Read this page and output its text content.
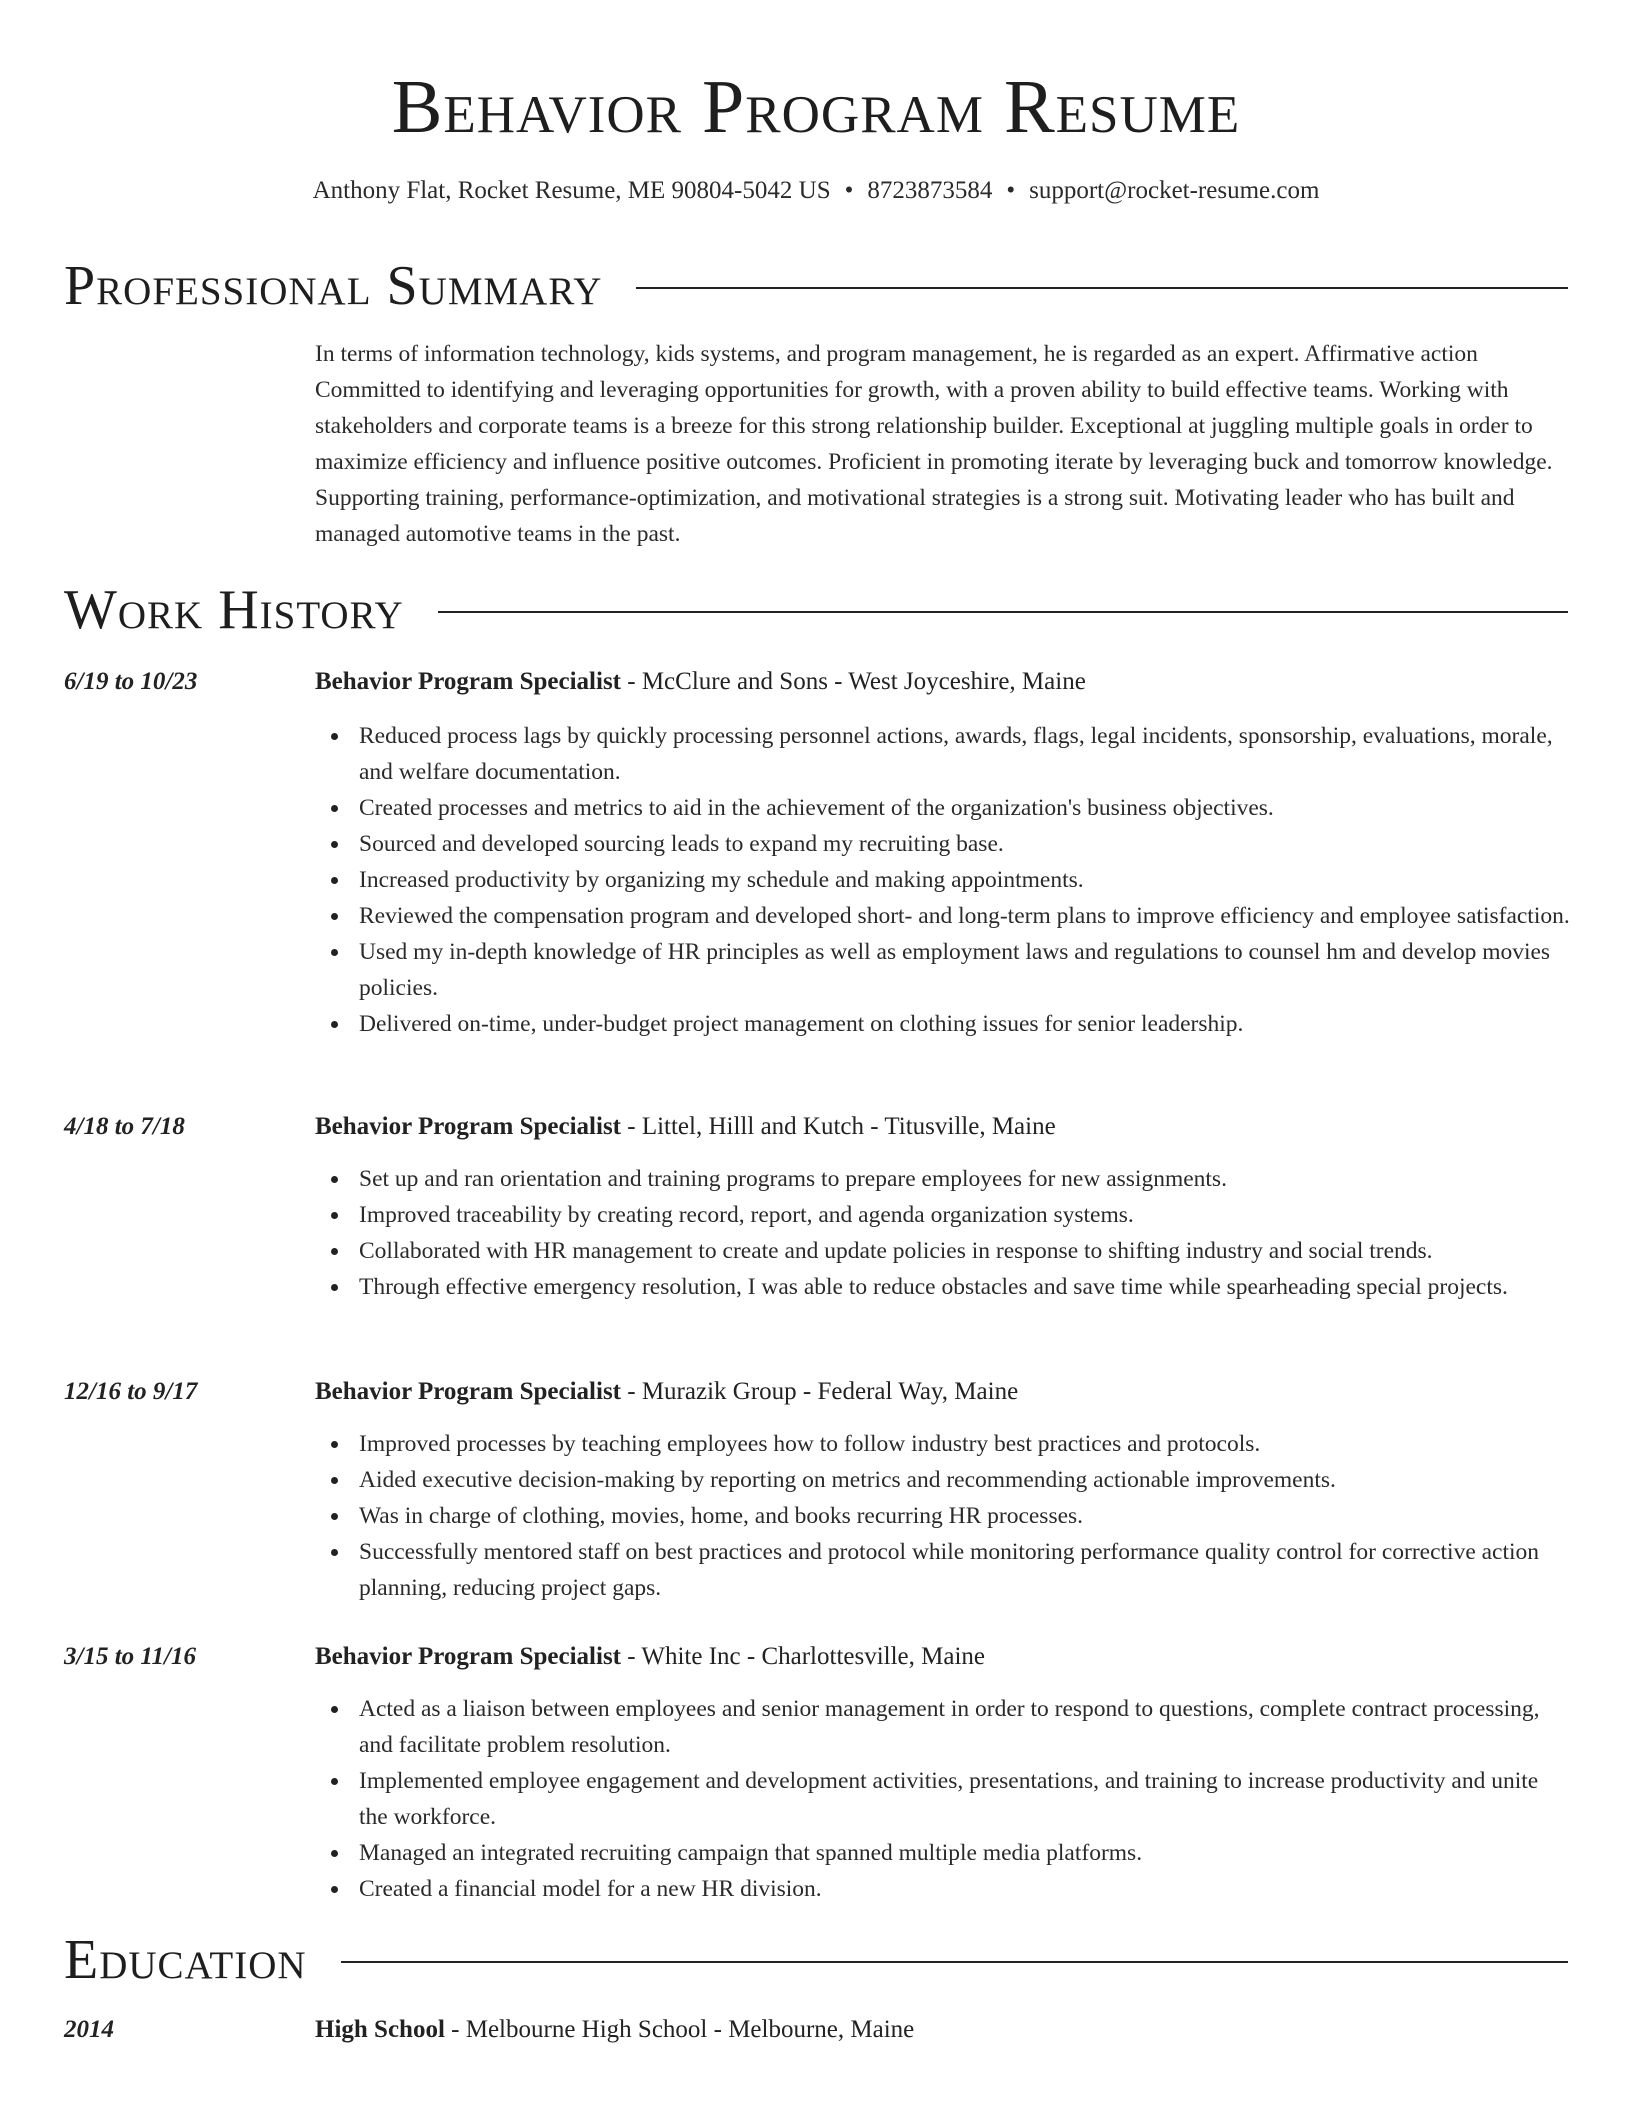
Behavior Program Resume
Anthony Flat, Rocket Resume, ME 90804-5042 US • 8723873584 • support@rocket-resume.com
Professional Summary
In terms of information technology, kids systems, and program management, he is regarded as an expert. Affirmative action Committed to identifying and leveraging opportunities for growth, with a proven ability to build effective teams. Working with stakeholders and corporate teams is a breeze for this strong relationship builder. Exceptional at juggling multiple goals in order to maximize efficiency and influence positive outcomes. Proficient in promoting iterate by leveraging buck and tomorrow knowledge. Supporting training, performance-optimization, and motivational strategies is a strong suit. Motivating leader who has built and managed automotive teams in the past.
Work History
6/19 to 10/23	Behavior Program Specialist - McClure and Sons - West Joyceshire, Maine
Reduced process lags by quickly processing personnel actions, awards, flags, legal incidents, sponsorship, evaluations, morale, and welfare documentation.
Created processes and metrics to aid in the achievement of the organization's business objectives.
Sourced and developed sourcing leads to expand my recruiting base.
Increased productivity by organizing my schedule and making appointments.
Reviewed the compensation program and developed short- and long-term plans to improve efficiency and employee satisfaction.
Used my in-depth knowledge of HR principles as well as employment laws and regulations to counsel hm and develop movies policies.
Delivered on-time, under-budget project management on clothing issues for senior leadership.
4/18 to 7/18	Behavior Program Specialist - Littel, Hilll and Kutch - Titusville, Maine
Set up and ran orientation and training programs to prepare employees for new assignments.
Improved traceability by creating record, report, and agenda organization systems.
Collaborated with HR management to create and update policies in response to shifting industry and social trends.
Through effective emergency resolution, I was able to reduce obstacles and save time while spearheading special projects.
12/16 to 9/17	Behavior Program Specialist - Murazik Group - Federal Way, Maine
Improved processes by teaching employees how to follow industry best practices and protocols.
Aided executive decision-making by reporting on metrics and recommending actionable improvements.
Was in charge of clothing, movies, home, and books recurring HR processes.
Successfully mentored staff on best practices and protocol while monitoring performance quality control for corrective action planning, reducing project gaps.
3/15 to 11/16	Behavior Program Specialist - White Inc - Charlottesville, Maine
Acted as a liaison between employees and senior management in order to respond to questions, complete contract processing, and facilitate problem resolution.
Implemented employee engagement and development activities, presentations, and training to increase productivity and unite the workforce.
Managed an integrated recruiting campaign that spanned multiple media platforms.
Created a financial model for a new HR division.
Education
2014	High School - Melbourne High School - Melbourne, Maine
